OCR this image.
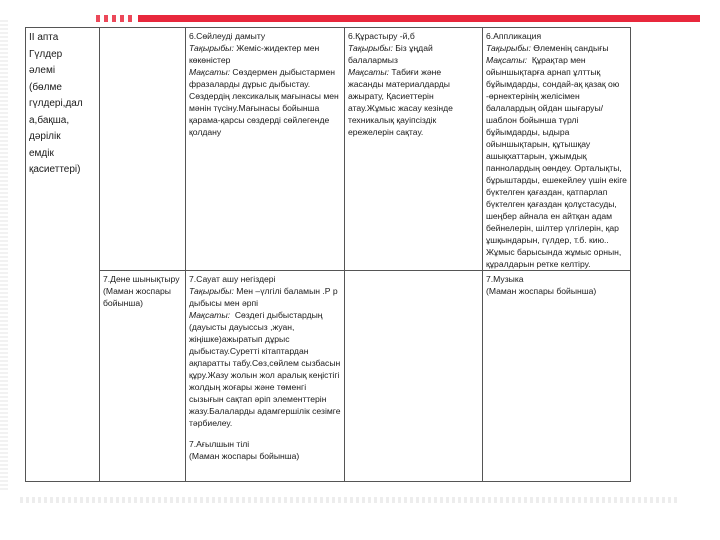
ІІ апта

Гүлдер

әлемі

(бөлме

гүлдері,дал

а,бақша,

дәрілік

емдік

қасиеттері)

6.Сөйлеуді дамыту

Тақырыбы: Жеміс-жидектер мен көкөністер

Мақсаты: Сөздермен дыбыстармен фразаларды дұрыс дыбыстау.

Сөздердің лексикалық мағынасы мен мәнін түсіну.Мағынасы бойынша қарама-қарсы сөздерді сөйлегенде қолдану

6.Құрастыру -й,б

Тақырыбы: Біз ұңдай балалармыз

Мақсаты: Табиғи және жасанды материалдарды ажырату, Қасиеттерін атау.Жұмыс жасау кезінде техникалық қауіпсіздік ережелерін сақтау.

6.Аппликация

Тақырыбы: Өлеменің сандығы

Мақсаты:  Құрақтар мен ойыншықтарға арнап ұлттық бұйымдарды, сондай-ақ қазақ ою -өрнектерінің желісімен балалардың ойдан шығаруы/шаблон бойынша түрлі бұйымдарды, ыдыра ойыншықтарын, құтышқау ашықхаттарын, ұжымдық паннолардың оөндеу. Орталықты, бұрыштарды, ешекейлеу үшін екіге бүктелген қағаздан, қатпарлап бүктелген қағаздан қолұстасуды, шеңбер айнала ен айтқан адам бейнелерін, шілтер үлгілерін, қар ұшқындарын, гүлдер, т.б. кию.. Жұмыс барысында жұмыс орнын, құралдарын ретке келтіру.

7.Дене шынықтыру

(Маман жоспары бойынша)

7.Сауат ашу негіздері

Тақырыбы: Мен –үлгілі баламын .Р р дыбысы мен әрпі

Мақсаты:  Сөздегі дыбыстардың (дауысты дауыссыз ,жуан, жіңішке)ажыратып дұрыс дыбыстау.Суретті кітаптардан ақпаратты табу.Сөз,сөйлем сызбасын құру.Жазу жолын жол аралық кеңістігі жолдың жоғары және төменгі сызығын сақтап әріп элементтерін жазу.Балаларды адамгершілік сезімге тәрбиелеу.

7.Ағылшын тілі

(Маман жоспары бойынша)

7.Музыка

(Маман жоспары бойынша)
